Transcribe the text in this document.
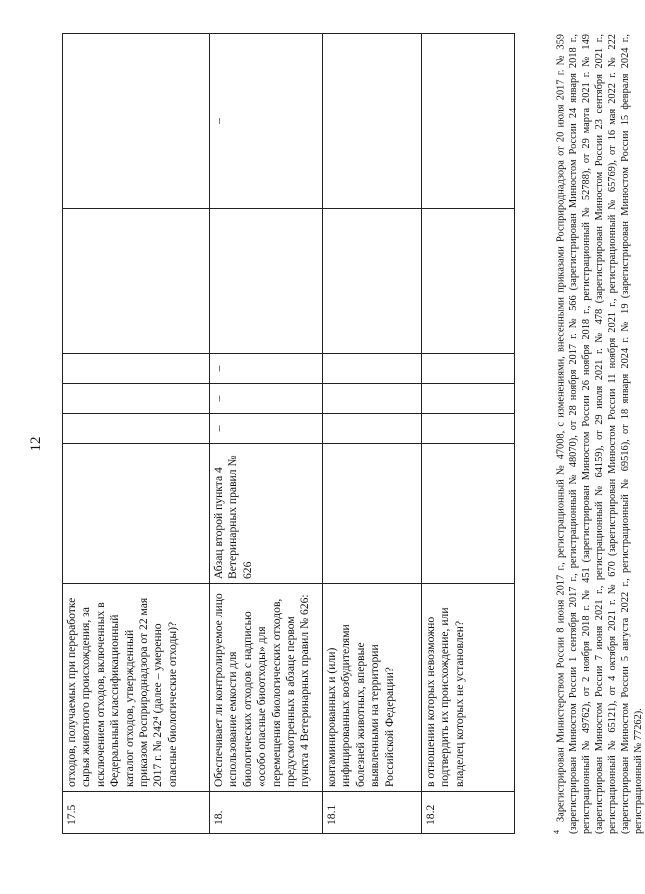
12
17.5	отходов, получаемых при переработке сырья животного происхождения, за исключением отходов, включенных в Федеральный классификационный каталог отходов, утвержденный приказом Росприроднадзора от 22 мая 2017 г. № 242⁴ (далее – умеренно опасные биологические отходы)?						
18.	Обеспечивает ли контролируемое лицо использование емкости для биологических отходов с надписью «особо опасные биоотходы» для перемещения биологических отходов, предусмотренных в абзаце первом пункта 4 Ветеринарных правил № 626:	Абзац второй пункта 4 Ветеринарных правил № 626	–	–	–		–
18.1	контаминированных и (или) инфицированных возбудителями болезней животных, впервые выявленными на территории Российской Федерации?						
18.2	в отношении которых невозможно подтвердить их происхождение, или владелец которых не установлен?						
$^4$Зарегистрирован Министерством России 8 июня 2017 г., регистрационный № 47008, с изменениями, внесенными приказами Росприроднадзора от 20 июля 2017 г. № 359 (зарегистрирован Минюстом России 1 сентября 2017 г., регистрационный № 48070), от 28 ноября 2017 г. № 566 (зарегистрирован Минюстом России 24 января 2018 г., регистрационный № 49762), от 2 ноября 2018 г. № 451 (зарегистрирован Минюстом России 26 ноября 2018 г., регистрационный № 52788), от 29 марта 2021 г. № 149 (зарегистрирован Минюстом России 7 июня 2021 г., регистрационный № 64159), от 29 июля 2021 г. № 478 (зарегистрирован Минюстом России 23 сентября 2021 г., регистрационный № 65121), от 4 октября 2021 г. № 670 (зарегистрирован Минюстом России 11 ноября 2021 г., регистрационный № 65769), от 16 мая 2022 г. № 222 (зарегистрирован Минюстом России 5 августа 2022 г., регистрационный № 69516), от 18 января 2024 г. № 19 (зарегистрирован Минюстом России 15 февраля 2024 г., регистрационный № 77262).
